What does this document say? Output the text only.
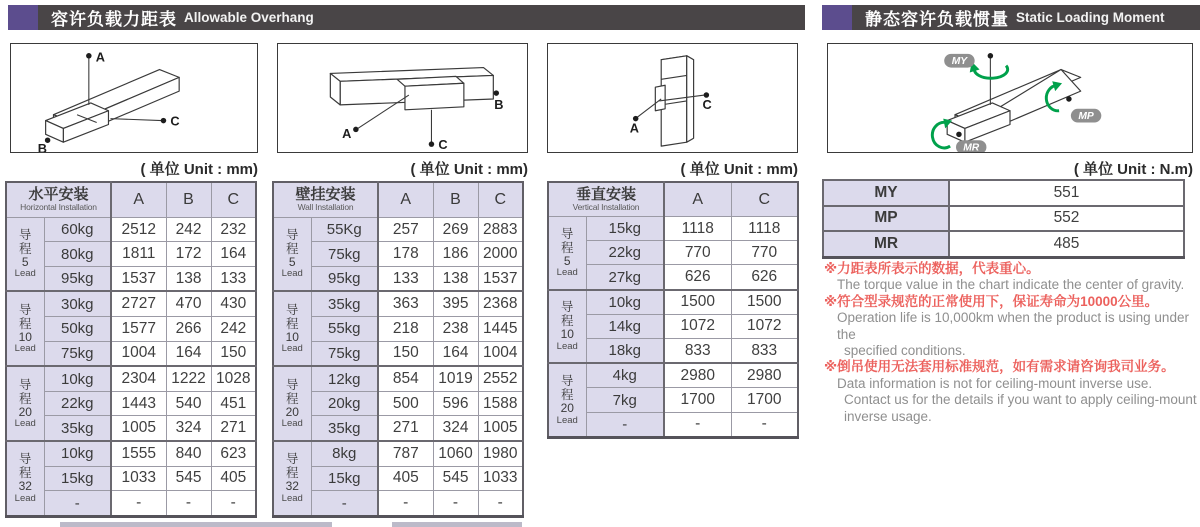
容许负载力距表 Allowable Overhang	静态容许负载惯量 Static Loading Moment
A
B
C
A
B
C
A
C
MY
MP
MR
( 单位 Unit : mm)	( 单位 Unit : mm)	( 单位 Unit : mm)	( 单位 Unit : N.m)
水平安装
Horizontal Installation		A	B	C

导
程
5
Lead	60kg	2512	242	232
	80kg	1811	172	164
	95kg	1537	138	133

导
程
10
Lead	30kg	2727	470	430
	50kg	1577	266	242
	75kg	1004	164	150

导
程
20
Lead	10kg	2304	1222	1028
	22kg	1443	540	451
	35kg	1005	324	271

导
程
32
Lead	10kg	1555	840	623
	15kg	1033	545	405
	-	-	-	-
壁挂安装
Wall Installation		A	B	C

导
程
5
Lead	55Kg	257	269	2883
	75kg	178	186	2000
	95kg	133	138	1537

导
程
10
Lead	35kg	363	395	2368
	55kg	218	238	1445
	75kg	150	164	1004

导
程
20
Lead	12kg	854	1019	2552
	20kg	500	596	1588
	35kg	271	324	1005

导
程
32
Lead	8kg	787	1060	1980
	15kg	405	545	1033
	-	-	-	-
垂直安装
Vertical Installation		A	C

导
程
5
Lead	15kg	1118	1118
	22kg	770	770
	27kg	626	626

导
程
10
Lead	10kg	1500	1500
	14kg	1072	1072
	18kg	833	833

导
程
20
Lead	4kg	2980	2980
	7kg	1700	1700
	-	-	-
MY	551
MP	552
MR	485
※力距表所表示的数据，代表重心。
The torque value in the chart indicate the center of gravity.
※符合型录规范的正常使用下，保证寿命为10000公里。
Operation life is 10,000km when the product is using under the
specified conditions.
※倒吊使用无法套用标准规范，如有需求请咨询我司业务。
Data information is not for ceiling-mount inverse use.
Contact us for the details if you want to apply ceiling-mount
inverse usage.
